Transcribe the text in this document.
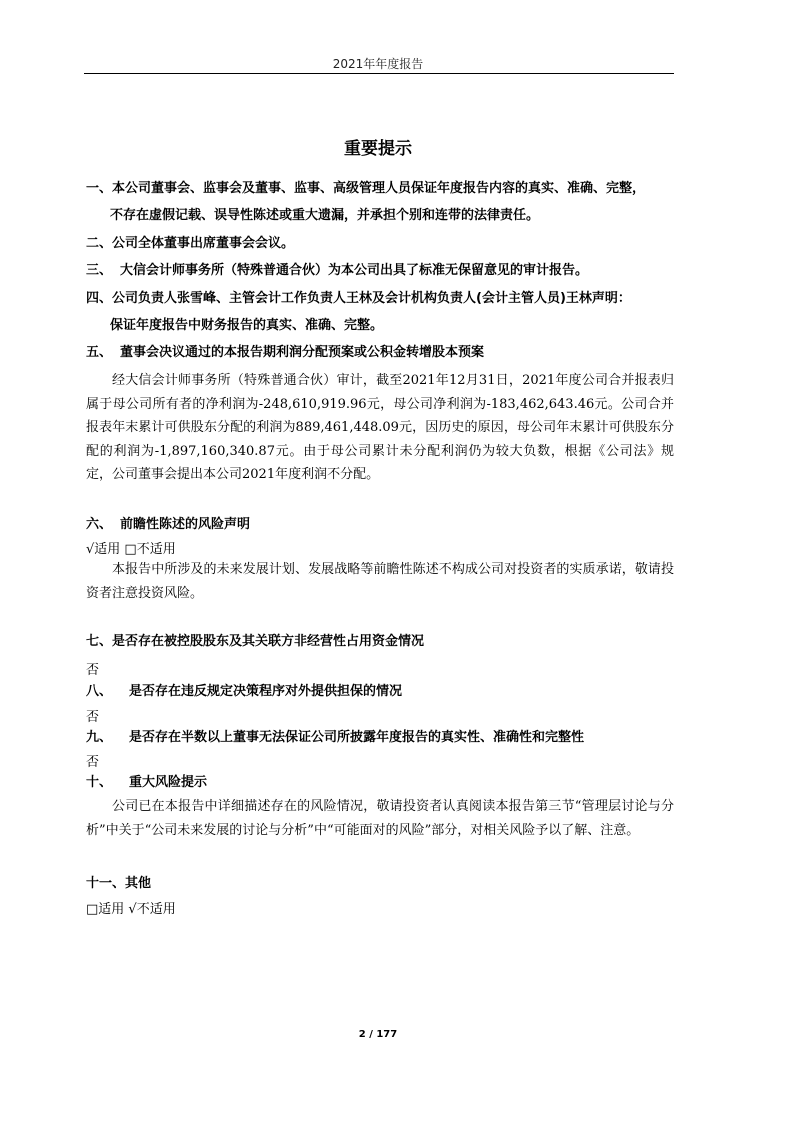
2021年年度报告
重要提示
一、本公司董事会、监事会及董事、监事、高级管理人员保证年度报告内容的真实、准确、完整，
不存在虚假记载、误导性陈述或重大遗漏，并承担个别和连带的法律责任。
二、公司全体董事出席董事会会议。
三、 大信会计师事务所（特殊普通合伙）为本公司出具了标准无保留意见的审计报告。
四、公司负责人张雪峰、主管会计工作负责人王林及会计机构负责人(会计主管人员)王林声明：
保证年度报告中财务报告的真实、准确、完整。
五、 董事会决议通过的本报告期利润分配预案或公积金转增股本预案
经大信会计师事务所（特殊普通合伙）审计，截至2021年12月31日，2021年度公司合并报表归属于母公司所有者的净利润为-248,610,919.96元，母公司净利润为-183,462,643.46元。公司合并报表年末累计可供股东分配的利润为889,461,448.09元，因历史的原因，母公司年末累计可供股东分配的利润为-1,897,160,340.87元。由于母公司累计未分配利润仍为较大负数，根据《公司法》规定，公司董事会提出本公司2021年度利润不分配。
六、 前瞻性陈述的风险声明
√适用 □不适用
本报告中所涉及的未来发展计划、发展战略等前瞻性陈述不构成公司对投资者的实质承诺，敬请投资者注意投资风险。
七、是否存在被控股股东及其关联方非经营性占用资金情况
否
八、 是否存在违反规定决策程序对外提供担保的情况
否
九、 是否存在半数以上董事无法保证公司所披露年度报告的真实性、准确性和完整性
否
十、 重大风险提示
公司已在本报告中详细描述存在的风险情况，敬请投资者认真阅读本报告第三节“管理层讨论与分析”中关于“公司未来发展的讨论与分析”中“可能面对的风险”部分，对相关风险予以了解、注意。
十一、其他
□适用 √不适用
2 / 177
